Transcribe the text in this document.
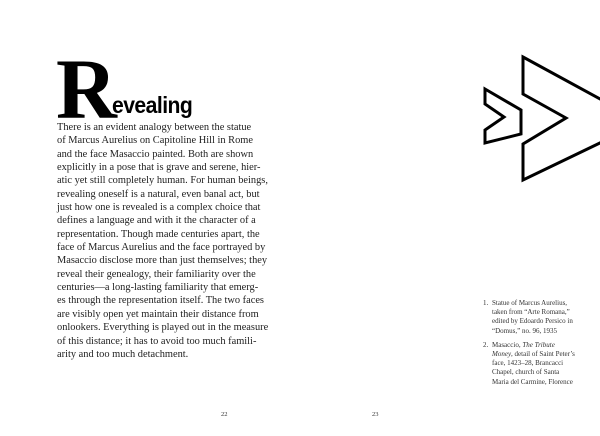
R
evealing
There is an evident analogy between the statue
of Marcus Aurelius on Capitoline Hill in Rome
and the face Masaccio painted. Both are shown
explicitly in a pose that is grave and serene, hier-
atic yet still completely human. For human beings,
revealing oneself is a natural, even banal act, but
just how one is revealed is a complex choice that
defines a language and with it the character of a
representation. Though made centuries apart, the
face of Marcus Aurelius and the face portrayed by
Masaccio disclose more than just themselves; they
reveal their genealogy, their familiarity over the
centuries—a long-lasting familiarity that emerg-
es through the representation itself. The two faces
are visibly open yet maintain their distance from
onlookers. Everything is played out in the measure
of this distance; it has to avoid too much famili-
arity and too much detachment.
22
1. Statue of Marcus Aurelius,
taken from “Arte Romana,”
edited by Edoardo Persico in
“Domus,” no. 96, 1935
2. Masaccio, The Tribute
Money, detail of Saint Peter’s
face, 1423–28, Brancacci
Chapel, church of Santa
Maria del Carmine, Florence
23
